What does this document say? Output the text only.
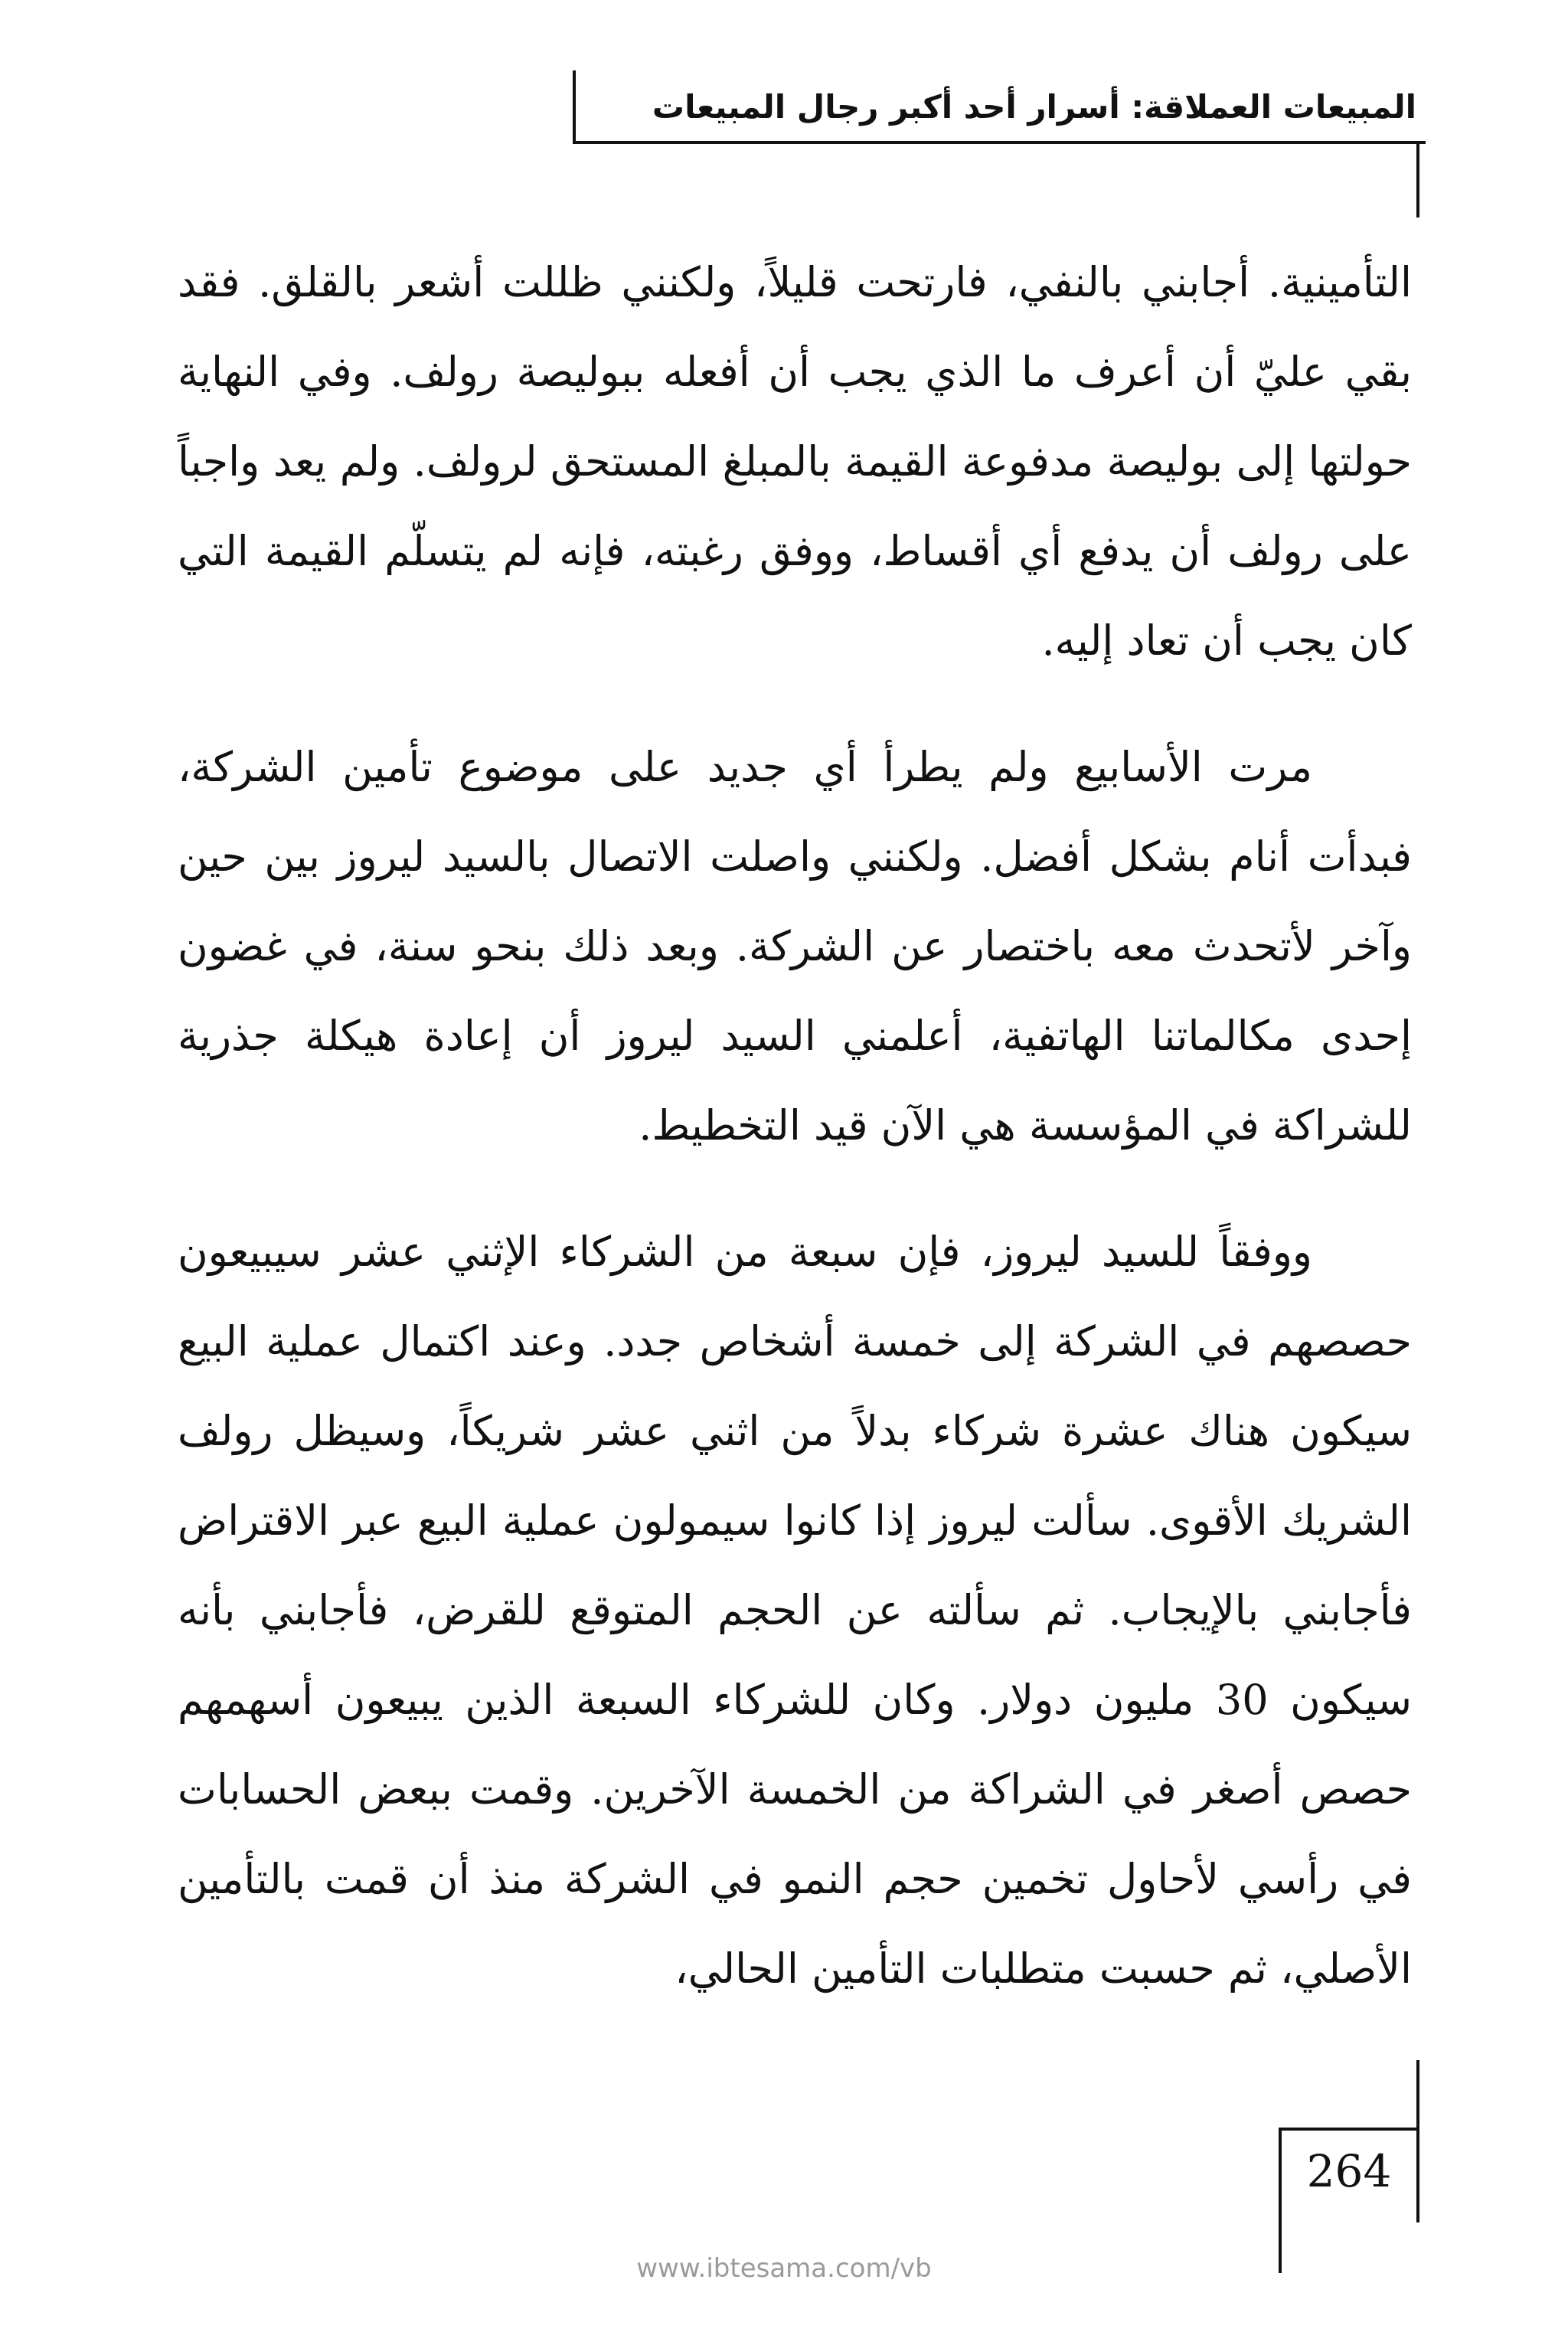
المبيعات العملاقة: أسرار أحد أكبر رجال المبيعات

التأمينية. أجابني بالنفي، فارتحت قليلاً، ولكنني ظللت أشعر بالقلق. فقد بقي عليّ أن أعرف ما الذي يجب أن أفعله ببوليصة رولف. وفي النهاية حولتها إلى بوليصة مدفوعة القيمة بالمبلغ المستحق لرولف. ولم يعد واجباً على رولف أن يدفع أي أقساط، ووفق رغبته، فإنه لم يتسلّم القيمة التي كان يجب أن تعاد إليه.

مرت الأسابيع ولم يطرأ أي جديد على موضوع تأمين الشركة، فبدأت أنام بشكل أفضل. ولكنني واصلت الاتصال بالسيد ليروز بين حين وآخر لأتحدث معه باختصار عن الشركة. وبعد ذلك بنحو سنة، في غضون إحدى مكالماتنا الهاتفية، أعلمني السيد ليروز أن إعادة هيكلة جذرية للشراكة في المؤسسة هي الآن قيد التخطيط.

ووفقاً للسيد ليروز، فإن سبعة من الشركاء الإثني عشر سيبيعون حصصهم في الشركة إلى خمسة أشخاص جدد. وعند اكتمال عملية البيع سيكون هناك عشرة شركاء بدلاً من اثني عشر شريكاً، وسيظل رولف الشريك الأقوى. سألت ليروز إذا كانوا سيمولون عملية البيع عبر الاقتراض فأجابني بالإيجاب. ثم سألته عن الحجم المتوقع للقرض، فأجابني بأنه سيكون 30 مليون دولار. وكان للشركاء السبعة الذين يبيعون أسهمهم حصص أصغر في الشراكة من الخمسة الآخرين. وقمت ببعض الحسابات في رأسي لأحاول تخمين حجم النمو في الشركة منذ أن قمت بالتأمين الأصلي، ثم حسبت متطلبات التأمين الحالي،

264
www.ibtesama.com/vb
